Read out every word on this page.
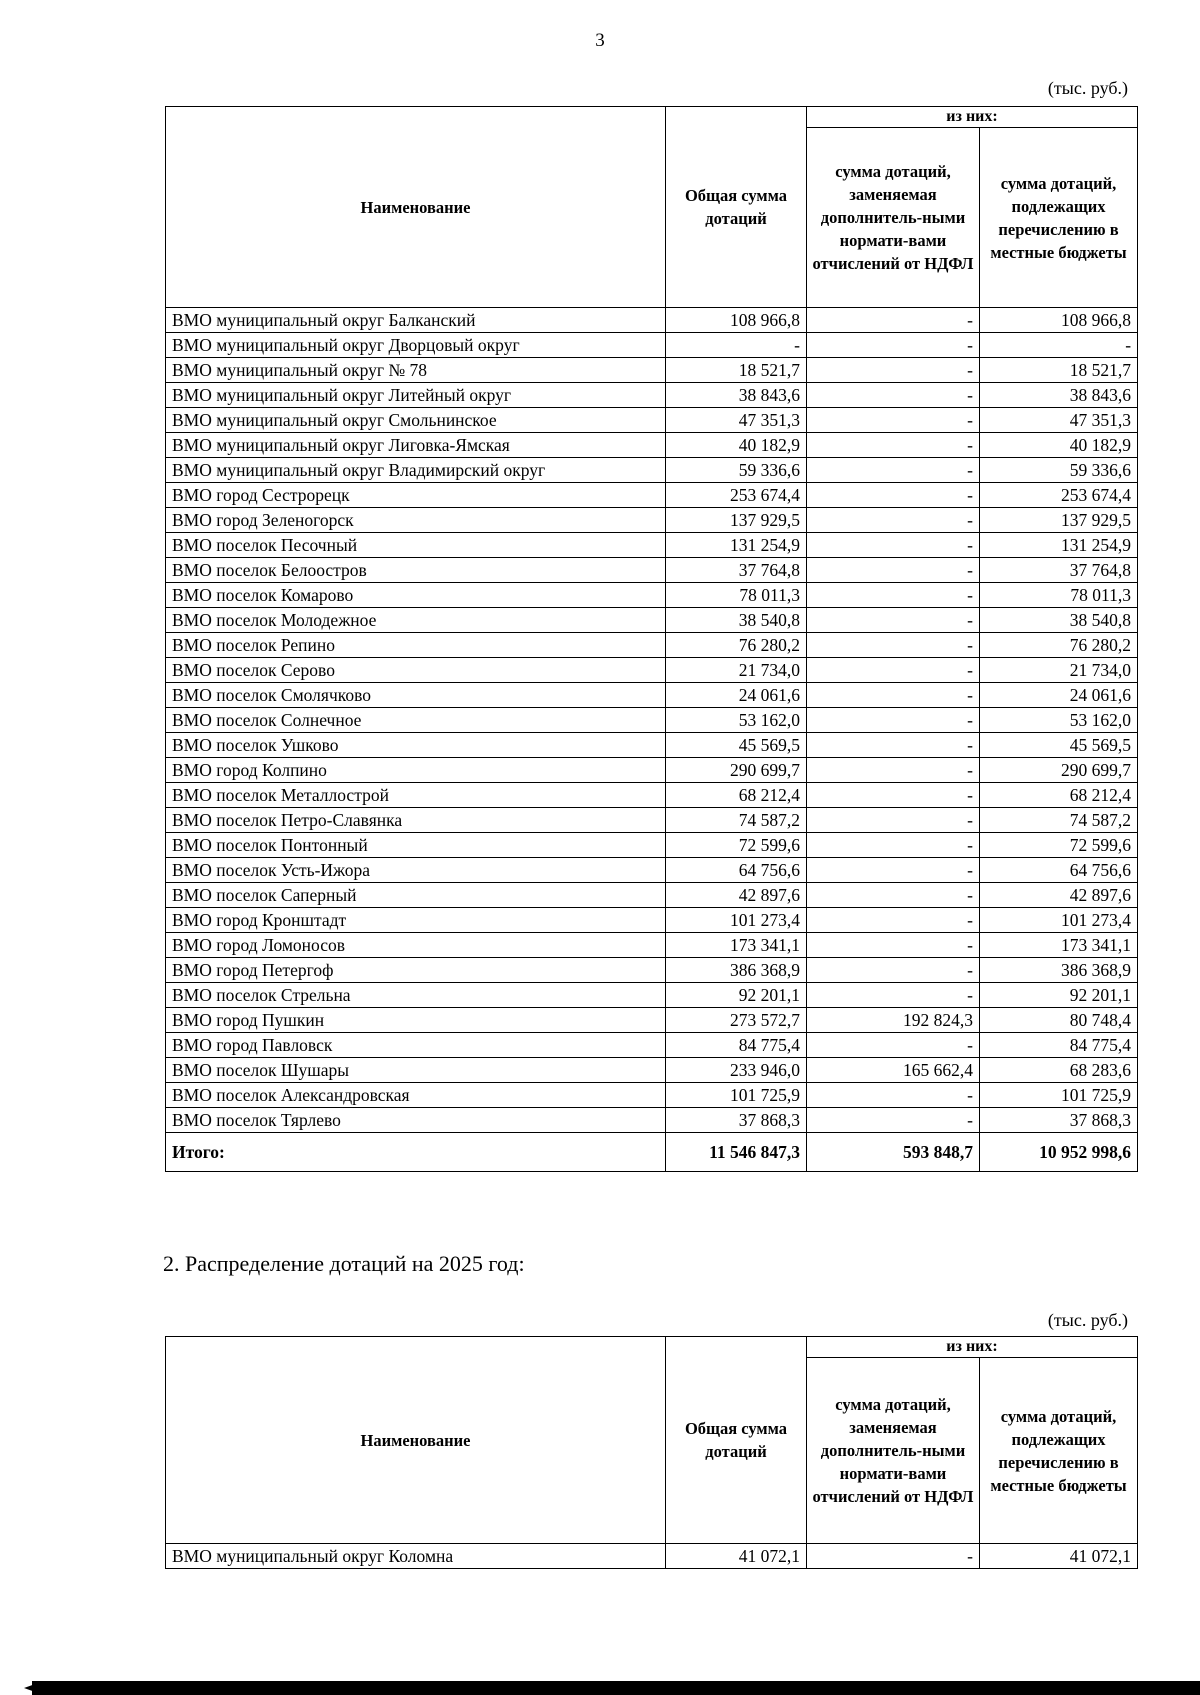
3
(тыс. руб.)
Наименование	Общая сумма дотаций	из них:	
		сумма дотаций, заменяемая дополнитель-ными нормати-вами отчислений от НДФЛ	сумма дотаций, подлежащих перечислению в местные бюджеты
ВМО муниципальный округ Балканский	108 966,8	-	108 966,8
ВМО муниципальный округ Дворцовый округ	-	-	-
ВМО муниципальный округ № 78	18 521,7	-	18 521,7
ВМО муниципальный округ Литейный округ	38 843,6	-	38 843,6
ВМО муниципальный округ Смольнинское	47 351,3	-	47 351,3
ВМО муниципальный округ Лиговка-Ямская	40 182,9	-	40 182,9
ВМО муниципальный округ Владимирский округ	59 336,6	-	59 336,6
ВМО город Сестрорецк	253 674,4	-	253 674,4
ВМО город Зеленогорск	137 929,5	-	137 929,5
ВМО поселок Песочный	131 254,9	-	131 254,9
ВМО поселок Белоостров	37 764,8	-	37 764,8
ВМО поселок Комарово	78 011,3	-	78 011,3
ВМО поселок Молодежное	38 540,8	-	38 540,8
ВМО поселок Репино	76 280,2	-	76 280,2
ВМО поселок Серово	21 734,0	-	21 734,0
ВМО поселок Смолячково	24 061,6	-	24 061,6
ВМО поселок Солнечное	53 162,0	-	53 162,0
ВМО поселок Ушково	45 569,5	-	45 569,5
ВМО город Колпино	290 699,7	-	290 699,7
ВМО поселок Металлострой	68 212,4	-	68 212,4
ВМО поселок Петро-Славянка	74 587,2	-	74 587,2
ВМО поселок Понтонный	72 599,6	-	72 599,6
ВМО поселок Усть-Ижора	64 756,6	-	64 756,6
ВМО поселок Саперный	42 897,6	-	42 897,6
ВМО город Кронштадт	101 273,4	-	101 273,4
ВМО город Ломоносов	173 341,1	-	173 341,1
ВМО город Петергоф	386 368,9	-	386 368,9
ВМО поселок Стрельна	92 201,1	-	92 201,1
ВМО город Пушкин	273 572,7	192 824,3	80 748,4
ВМО город Павловск	84 775,4	-	84 775,4
ВМО поселок Шушары	233 946,0	165 662,4	68 283,6
ВМО поселок Александровская	101 725,9	-	101 725,9
ВМО поселок Тярлево	37 868,3	-	37 868,3
Итого:	11 546 847,3	593 848,7	10 952 998,6
2. Распределение дотаций на 2025 год:
(тыс. руб.)
Наименование	Общая сумма дотаций	из них:	
		сумма дотаций, заменяемая дополнитель-ными нормати-вами отчислений от НДФЛ	сумма дотаций, подлежащих перечислению в местные бюджеты
ВМО муниципальный округ Коломна	41 072,1	-	41 072,1
